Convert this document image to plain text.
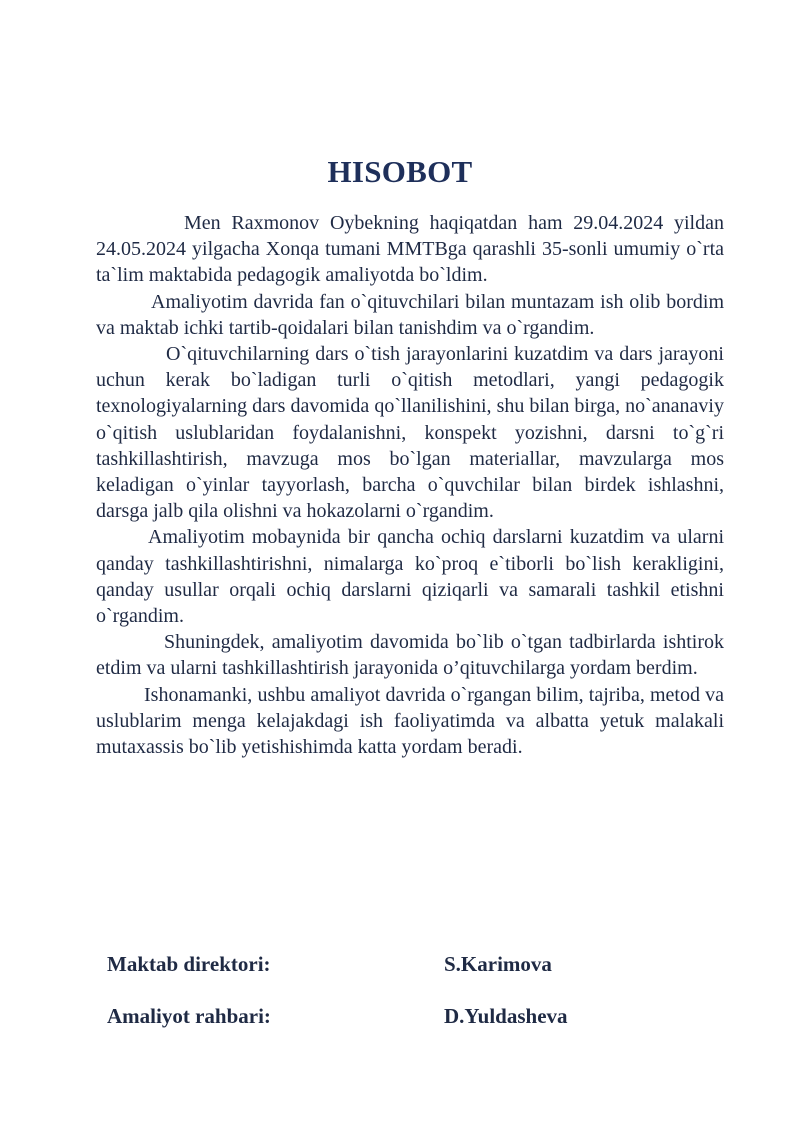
HISOBOT

Men Raxmonov Oybekning haqiqatdan ham 29.04.2024 yildan 24.05.2024 yilgacha Xonqa tumani MMTBga qarashli 35-sonli umumiy o`rta ta`lim maktabida pedagogik amaliyotda bo`ldim.

Amaliyotim davrida fan o`qituvchilari bilan muntazam ish olib bordim va maktab ichki tartib-qoidalari bilan tanishdim va o`rgandim.

O`qituvchilarning dars o`tish jarayonlarini kuzatdim va dars jarayoni uchun kerak bo`ladigan turli o`qitish metodlari, yangi pedagogik texnologiyalarning dars davomida qo`llanilishini, shu bilan birga, no`ananaviy o`qitish uslublaridan foydalanishni, konspekt yozishni, darsni to`g`ri tashkillashtirish, mavzuga mos bo`lgan materiallar, mavzularga mos keladigan o`yinlar tayyorlash, barcha o`quvchilar bilan birdek ishlashni, darsga jalb qila olishni va hokazolarni o`rgandim.

Amaliyotim mobaynida bir qancha ochiq darslarni kuzatdim va ularni qanday tashkillashtirishni, nimalarga ko`proq e`tiborli bo`lish kerakligini, qanday usullar orqali ochiq darslarni qiziqarli va samarali tashkil etishni o`rgandim.

Shuningdek, amaliyotim davomida bo`lib o`tgan tadbirlarda ishtirok etdim va ularni tashkillashtirish jarayonida o’qituvchilarga yordam berdim.

Ishonamanki, ushbu amaliyot davrida o`rgangan bilim, tajriba, metod va uslublarim menga kelajakdagi ish faoliyatimda va albatta yetuk malakali mutaxassis bo`lib yetishishimda katta yordam beradi.

Maktab direktori:	S.Karimova
Amaliyot rahbari:	D.Yuldasheva
